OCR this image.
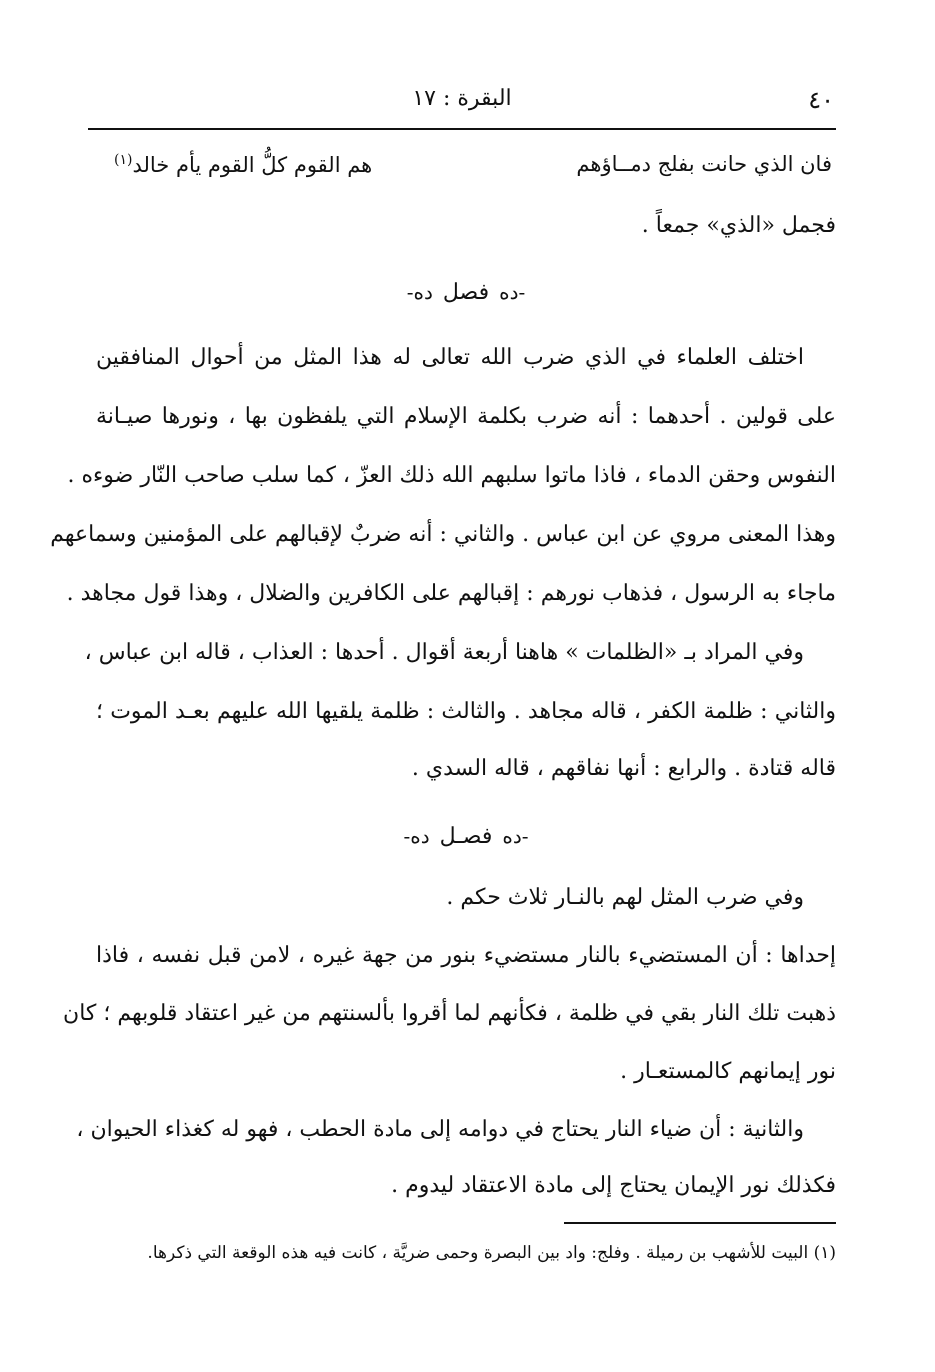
٤٠
البقرة : ١٧
فان الذي حانت بفلج دمــاؤهم
هم القوم كلُّ القوم يأم خالد$^{(١)}$
فجمل «الذي» جمعاً .
-دهفصلده-
اختلف العلماء في الذي ضرب الله تعالى له هذا المثل من أحوال المنافقين
على قولين . أحدهما : أنه ضرب بكلمة الإسلام التي يلفظون بها ، ونورها صيـانة
النفوس وحقن الدماء ، فاذا ماتوا سلبهم الله ذلك العزّ ، كما سلب صاحب النّار ضوءه .
وهذا المعنى مروي عن ابن عباس . والثاني : أنه ضربٌ لإقبالهم على المؤمنين وسماعهم
ماجاء به الرسول ، فذهاب نورهم : إقبالهم على الكافرين والضلال ، وهذا قول مجاهد .
وفي المراد بـ «الظلمات » هاهنا أربعة أقوال . أحدها : العذاب ، قاله ابن عباس ،
والثاني : ظلمة الكفر ، قاله مجاهد . والثالث : ظلمة يلقيها الله عليهم بعـد الموت ؛
قاله قتادة . والرابع : أنها نفاقهم ، قاله السدي .
-دهفصـلده-
وفي ضرب المثل لهم بالنـار ثلاث حكم .
إحداها : أن المستضيء بالنار مستضيء بنور من جهة غيره ، لامن قبل نفسه ، فاذا
ذهبت تلك النار بقي في ظلمة ، فكأنهم لما أقروا بألسنتهم من غير اعتقاد قلوبهم ؛ كان
نور إيمانهم كالمستعـار .
والثانية : أن ضياء النار يحتاج في دوامه إلى مادة الحطب ، فهو له كغذاء الحيوان ،
فكذلك نور الإيمان يحتاج إلى مادة الاعتقاد ليدوم .
(١) البيت للأشهب بن رميلة . وفلج: واد بين البصرة وحمى ضريَّة ، كانت فيه هذه الوقعة التي ذكرها.
